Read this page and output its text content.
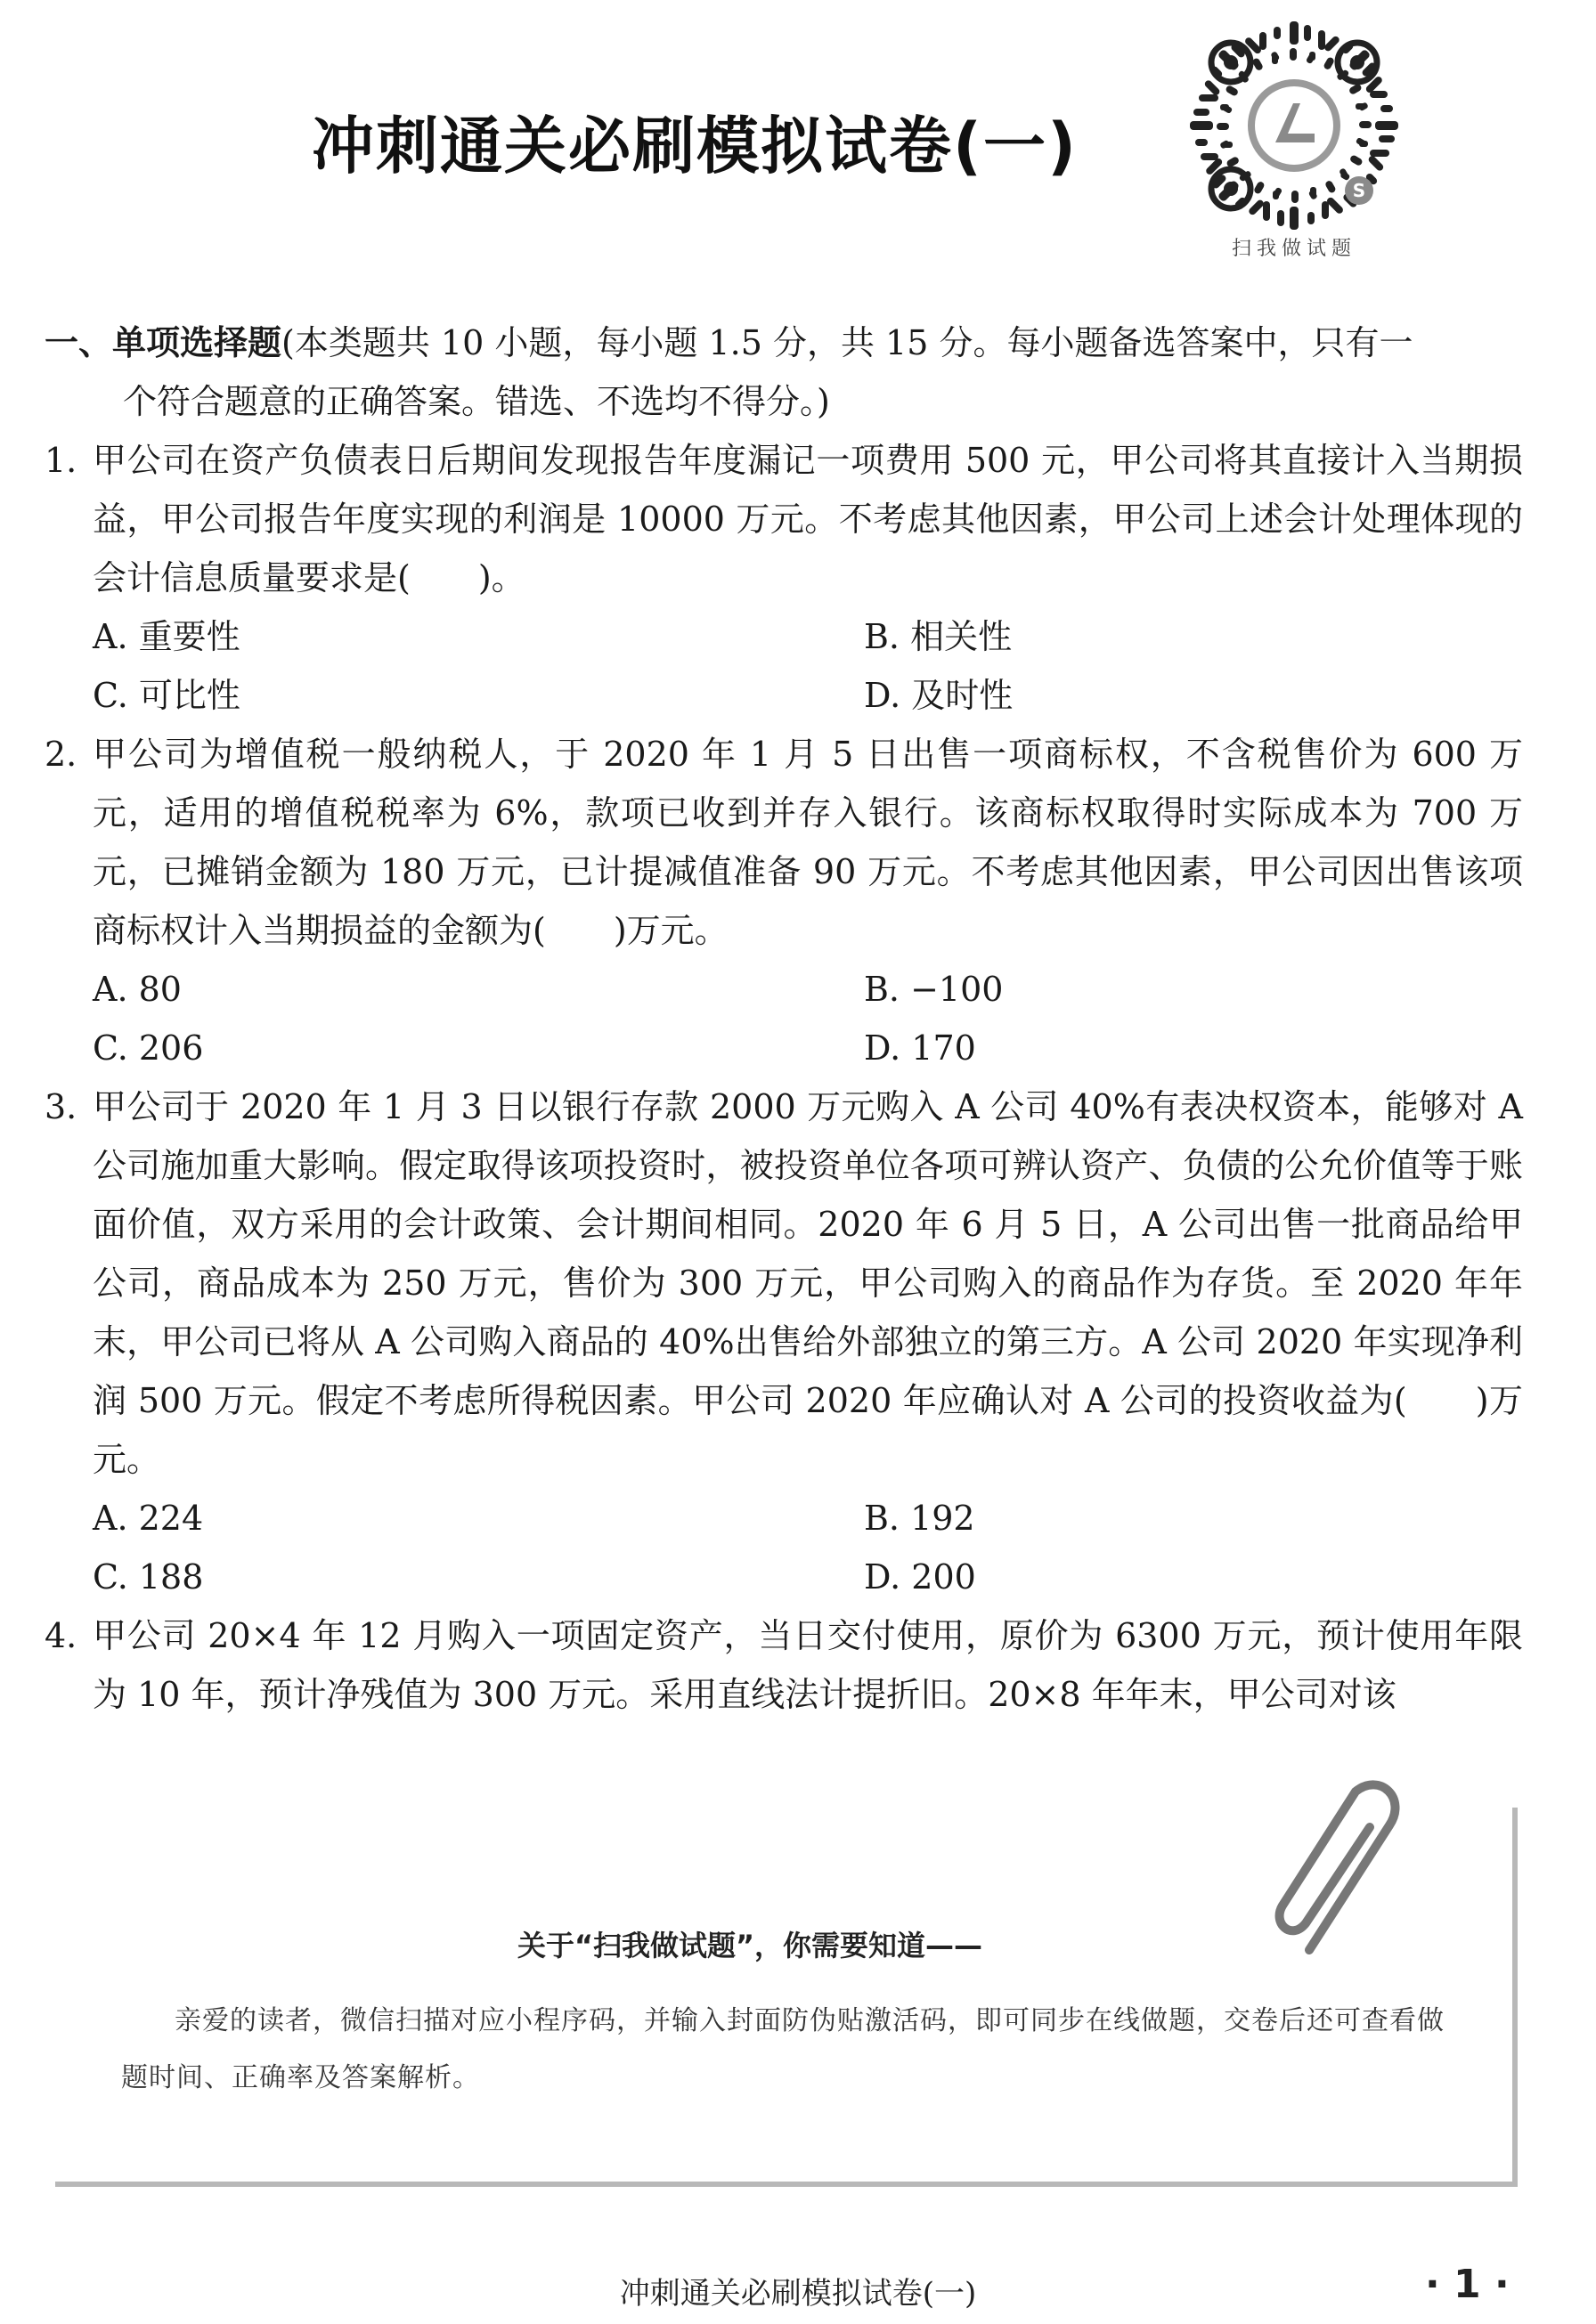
冲刺通关必刷模拟试卷(一)
S
扫我做试题
一、单项选择题(本类题共 10 小题，每小题 1.5 分，共 15 分。每小题备选答案中，只有一
个符合题意的正确答案。错选、不选均不得分。)
1. 甲公司在资产负债表日后期间发现报告年度漏记一项费用 500 元，甲公司将其直接计入当期损益，甲公司报告年度实现的利润是 10000 万元。不考虑其他因素，甲公司上述会计处理体现的会计信息质量要求是(　　)。
A. 重要性	B. 相关性
C. 可比性	D. 及时性
2. 甲公司为增值税一般纳税人，于 2020 年 1 月 5 日出售一项商标权，不含税售价为 600 万元，适用的增值税税率为 6%，款项已收到并存入银行。该商标权取得时实际成本为 700 万元，已摊销金额为 180 万元，已计提减值准备 90 万元。不考虑其他因素，甲公司因出售该项商标权计入当期损益的金额为(　　)万元。
A. 80	B. −100
C. 206	D. 170
3. 甲公司于 2020 年 1 月 3 日以银行存款 2000 万元购入 A 公司 40%有表决权资本，能够对 A 公司施加重大影响。假定取得该项投资时，被投资单位各项可辨认资产、负债的公允价值等于账面价值，双方采用的会计政策、会计期间相同。2020 年 6 月 5 日，A 公司出售一批商品给甲公司，商品成本为 250 万元，售价为 300 万元，甲公司购入的商品作为存货。至 2020 年年末，甲公司已将从 A 公司购入商品的 40%出售给外部独立的第三方。A 公司 2020 年实现净利润 500 万元。假定不考虑所得税因素。甲公司 2020 年应确认对 A 公司的投资收益为(　　)万元。
A. 224	B. 192
C. 188	D. 200
4. 甲公司 20×4 年 12 月购入一项固定资产，当日交付使用，原价为 6300 万元，预计使用年限为 10 年，预计净残值为 300 万元。采用直线法计提折旧。20×8 年年末，甲公司对该
关于“扫我做试题”，你需要知道——
亲爱的读者，微信扫描对应小程序码，并输入封面防伪贴激活码，即可同步在线做题，交卷后还可查看做题时间、正确率及答案解析。
冲刺通关必刷模拟试卷(一)	· 1 ·
